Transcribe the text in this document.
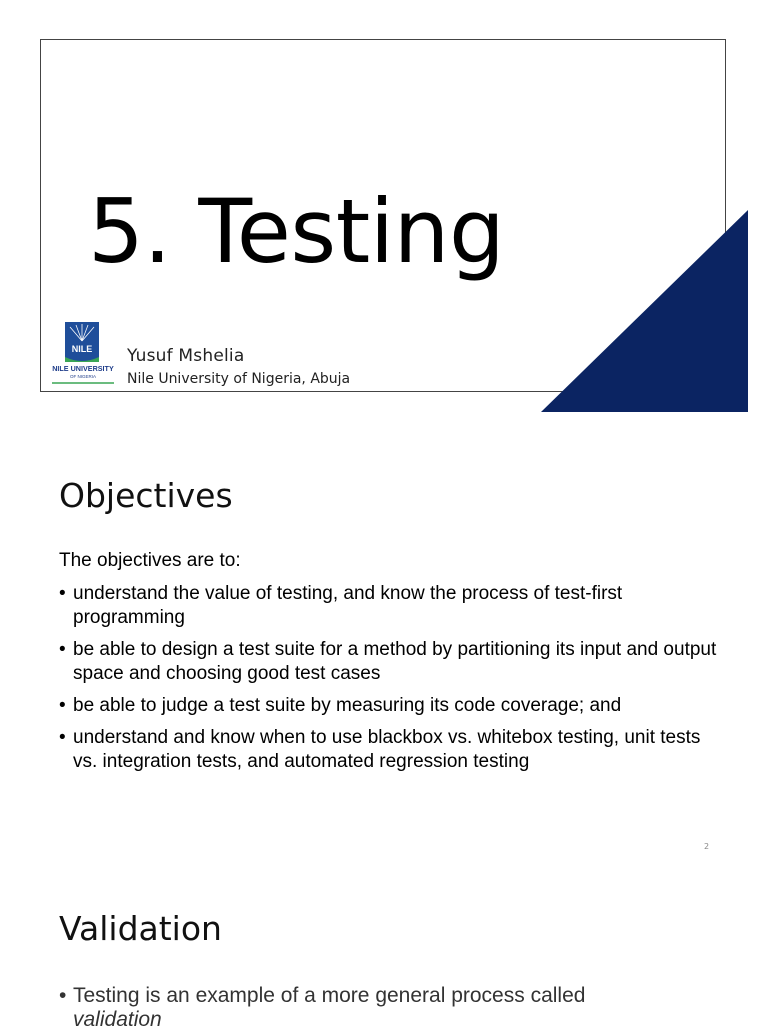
5. Testing
NILE
NILE UNIVERSITY
OF NIGERIA
Yusuf Mshelia
Nile University of Nigeria, Abuja
Objectives
The objectives are to:
• understand the value of testing, and know the process of test-first programming
• be able to design a test suite for a method by partitioning its input and output space and choosing good test cases
• be able to judge a test suite by measuring its code coverage; and
• understand and know when to use blackbox vs. whitebox testing, unit tests vs. integration tests, and automated regression testing
2
Validation
• Testing is an example of a more general process called validation
